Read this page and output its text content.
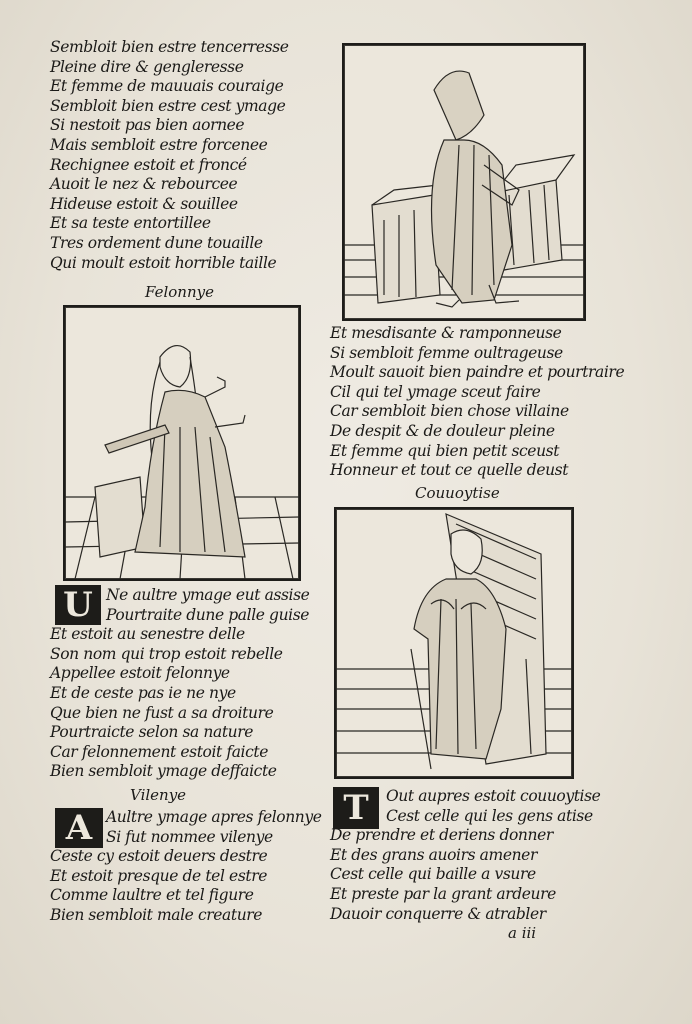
Sembloit bien estre tencerresse
Pleine dire & gengleresse
Et femme de mauuais couraige
Sembloit bien estre cest ymage
Si nestoit pas bien aornee
Mais sembloit estre forcenee
Rechignee estoit et froncé
Auoit le nez & rebourcee
Hideuse estoit & souillee
Et sa teste entortillee
Tres ordement dune touaille
Qui moult estoit horrible taille
Felonnye
U Ne aultre ymage eut assise
Pourtraite dune palle guise
Et estoit au senestre delle
Son nom qui trop estoit rebelle
Appellee estoit felonnye
Et de ceste pas ie ne nye
Que bien ne fust a sa droiture
Pourtraicte selon sa nature
Car felonnement estoit faicte
Bien sembloit ymage deffaicte
Vilenye
A Aultre ymage apres felonnye
Si fut nommee vilenye
Ceste cy estoit deuers destre
Et estoit presque de tel estre
Comme laultre et tel figure
Bien sembloit male creature
Et mesdisante & ramponneuse
Si sembloit femme oultrageuse
Moult sauoit bien paindre et pourtraire
Cil qui tel ymage sceut faire
Car sembloit bien chose villaine
De despit & de douleur pleine
Et femme qui bien petit sceust
Honneur et tout ce quelle deust
Couuoytise
T	Out aupres estoit couuoytise
Cest celle qui les gens atise
De prendre et deriens donner
Et des grans auoirs amener
Cest celle qui baille a vsure
Et preste par la grant ardeure
Dauoir conquerre & atrabler
a iii
